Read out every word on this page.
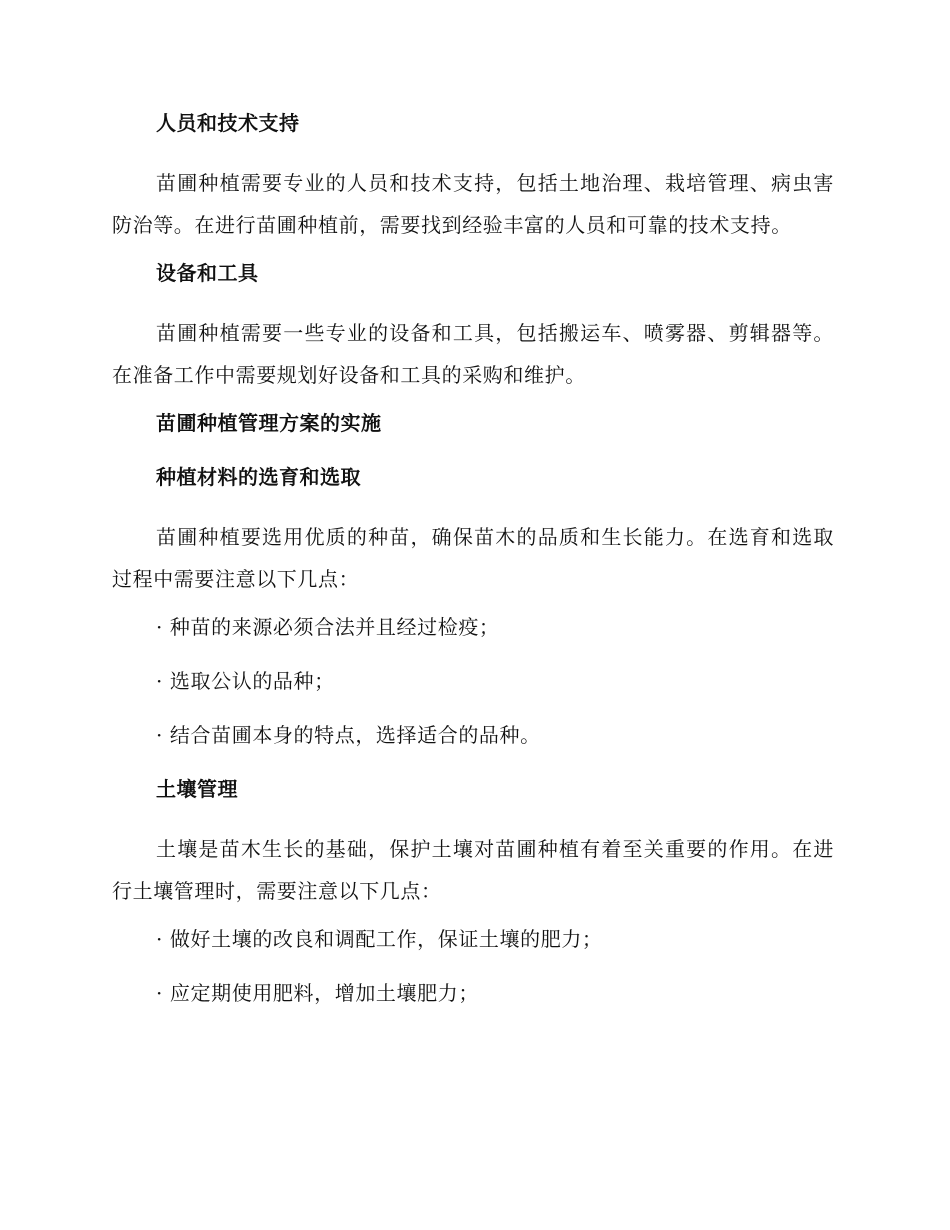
人员和技术支持

苗圃种植需要专业的人员和技术支持，包括土地治理、栽培管理、病虫害防治等。在进行苗圃种植前，需要找到经验丰富的人员和可靠的技术支持。

设备和工具

苗圃种植需要一些专业的设备和工具，包括搬运车、喷雾器、剪辑器等。在准备工作中需要规划好设备和工具的采购和维护。

苗圃种植管理方案的实施
种植材料的选育和选取

苗圃种植要选用优质的种苗，确保苗木的品质和生长能力。在选育和选取过程中需要注意以下几点：

· 种苗的来源必须合法并且经过检疫；
· 选取公认的品种；
· 结合苗圃本身的特点，选择适合的品种。
土壤管理

土壤是苗木生长的基础，保护土壤对苗圃种植有着至关重要的作用。在进行土壤管理时，需要注意以下几点：

· 做好土壤的改良和调配工作，保证土壤的肥力；
· 应定期使用肥料，增加土壤肥力；
